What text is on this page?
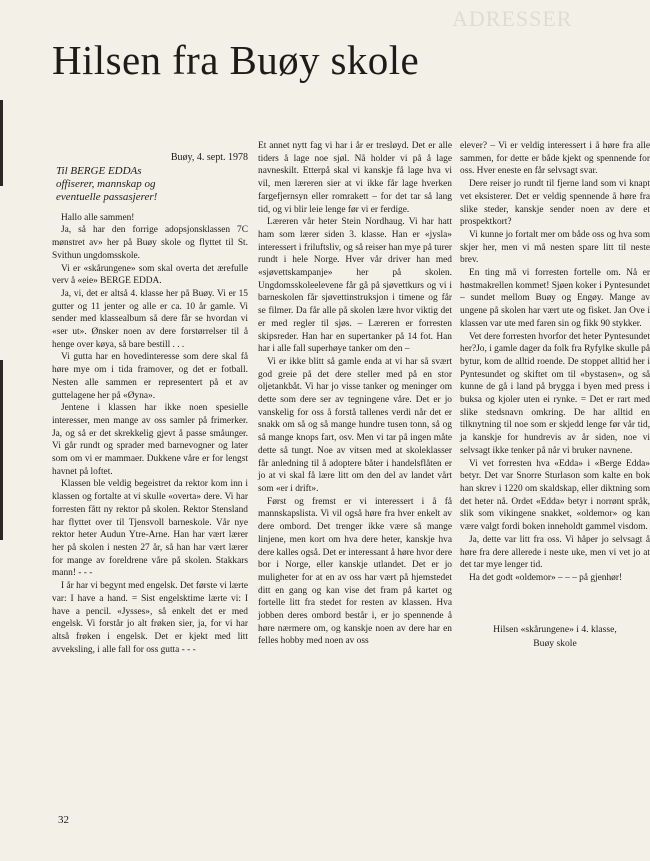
ADRESSER
Hilsen fra Buøy skole

Buøy, 4. sept. 1978

Til BERGE EDDAs
offiserer, mannskap og
eventuelle passasjerer!

Hallo alle sammen!

Ja, så har den forrige adopsjonsklassen 7C mønstret av» her på Buøy skole og flyttet til St. Svithun ungdomsskole.

Vi er «skårungene» som skal overta det ærefulle verv å «eie» BERGE EDDA.

Ja, vi, det er altså 4. klasse her på Buøy. Vi er 15 gutter og 11 jenter og alle er ca. 10 år gamle. Vi sender med klassealbum så dere får se hvordan vi «ser ut». Ønsker noen av dere forstørrelser til å henge over køya, så bare bestill . . .

Vi gutta har en hovedinteresse som dere skal få høre mye om i tida framover, og det er fotball. Nesten alle sammen er representert på et av guttelagene her på «Øyna».

Jentene i klassen har ikke noen spesielle interesser, men mange av oss samler på frimerker. Ja, og så er det skrekkelig gjevt å passe småunger. Vi går rundt og sprader med barnevogner og later som om vi er mammaer. Dukkene våre er for lengst havnet på loftet.

Klassen ble veldig begeistret da rektor kom inn i klassen og fortalte at vi skulle «overta» dere. Vi har forresten fått ny rektor på skolen. Rektor Stensland har flyttet over til Tjensvoll barneskole. Vår nye rektor heter Audun Ytre-Arne. Han har vært lærer her på skolen i nesten 27 år, så han har vært lærer for mange av foreldrene våre på skolen. Stakkars mann! - - -

I år har vi begynt med engelsk. Det første vi lærte var: I have a hand. = Sist engelsktime lærte vi: I have a pencil. «Jysses», så enkelt det er med engelsk. Vi forstår jo alt frøken sier, ja, for vi har altså frøken i engelsk. Det er kjekt med litt avveksling, i alle fall for oss gutta - - -

Et annet nytt fag vi har i år er tresløyd. Det er alle tiders å lage noe sjøl. Nå holder vi på å lage navneskilt. Etterpå skal vi kanskje få lage hva vi vil, men læreren sier at vi ikke får lage hverken fargefjernsyn eller romrakett – for det tar så lang tid, og vi blir leie lenge før vi er ferdige.

Læreren vår heter Stein Nordhaug. Vi har hatt ham som lærer siden 3. klasse. Han er «jysla» interessert i friluftsliv, og så reiser han mye på turer rundt i hele Norge. Hver vår driver han med «sjøvettskampanje» her på skolen. Ungdomsskoleelevene får gå på sjøvettkurs og vi i barneskolen får sjøvettinstruksjon i timene og får se filmer. Da får alle på skolen lære hvor viktig det er med regler til sjøs. – Læreren er forresten skipsreder. Han har en supertanker på 14 fot. Han har i alle fall superhøye tanker om den –

Vi er ikke blitt så gamle enda at vi har så svært god greie på det dere steller med på en stor oljetankbåt. Vi har jo visse tanker og meninger om dette som dere ser av tegningene våre. Det er jo vanskelig for oss å forstå tallenes verdi når det er snakk om så og så mange hundre tusen tonn, så og så mange knops fart, osv. Men vi tar på ingen måte dette så tungt. Noe av vitsen med at skoleklasser får anledning til å adoptere båter i handelsflåten er jo at vi skal få lære litt om den del av landet vårt som «er i drift».

Først og fremst er vi interessert i å få mannskapslista. Vi vil også høre fra hver enkelt av dere ombord. Det trenger ikke være så mange linjene, men kort om hva dere heter, kanskje hva dere kalles også. Det er interessant å høre hvor dere bor i Norge, eller kanskje utlandet. Det er jo muligheter for at en av oss har vært på hjemstedet ditt en gang og kan vise det fram på kartet og fortelle litt fra stedet for resten av klassen. Hva jobben deres ombord består i, er jo spennende å høre nærmere om, og kanskje noen av dere har en felles hobby med noen av oss

elever? – Vi er veldig interessert i å høre fra alle sammen, for dette er både kjekt og spennende for oss. Hver eneste en får selvsagt svar.

Dere reiser jo rundt til fjerne land som vi knapt vet eksisterer. Det er veldig spennende å høre fra slike steder, kanskje sender noen av dere et prospektkort?

Vi kunne jo fortalt mer om både oss og hva som skjer her, men vi må nesten spare litt til neste brev.

En ting må vi forresten fortelle om. Nå er høstmakrellen kommet! Sjøen koker i Pyntesundet – sundet mellom Buøy og Engøy. Mange av ungene på skolen har vært ute og fisket. Jan Ove i klassen var ute med faren sin og fikk 90 stykker.

Vet dere forresten hvorfor det heter Pyntesundet her?Jo, i gamle dager da folk fra Ryfylke skulle på bytur, kom de alltid roende. De stoppet alltid her i Pyntesundet og skiftet om til «bystasen», og så kunne de gå i land på brygga i byen med press i buksa og kjoler uten ei rynke. = Det er rart med slike stedsnavn omkring. De har alltid en tilknytning til noe som er skjedd lenge før vår tid, ja kanskje for hundrevis av år siden, noe vi selvsagt ikke tenker på når vi bruker navnene.

Vi vet forresten hva «Edda» i «Berge Edda» betyr. Det var Snorre Sturlason som kalte en bok han skrev i 1220 om skaldskap, eller diktning som det heter nå. Ordet «Edda» betyr i norrønt språk, slik som vikingene snakket, «oldemor» og kan være valgt fordi boken inneholdt gammel visdom.

Ja, dette var litt fra oss. Vi håper jo selvsagt å høre fra dere allerede i neste uke, men vi vet jo at det tar mye lenger tid.

Ha det godt «oldemor» – – – på gjenhør!

Hilsen «skårungene» i 4. klasse,
Buøy skole
32
